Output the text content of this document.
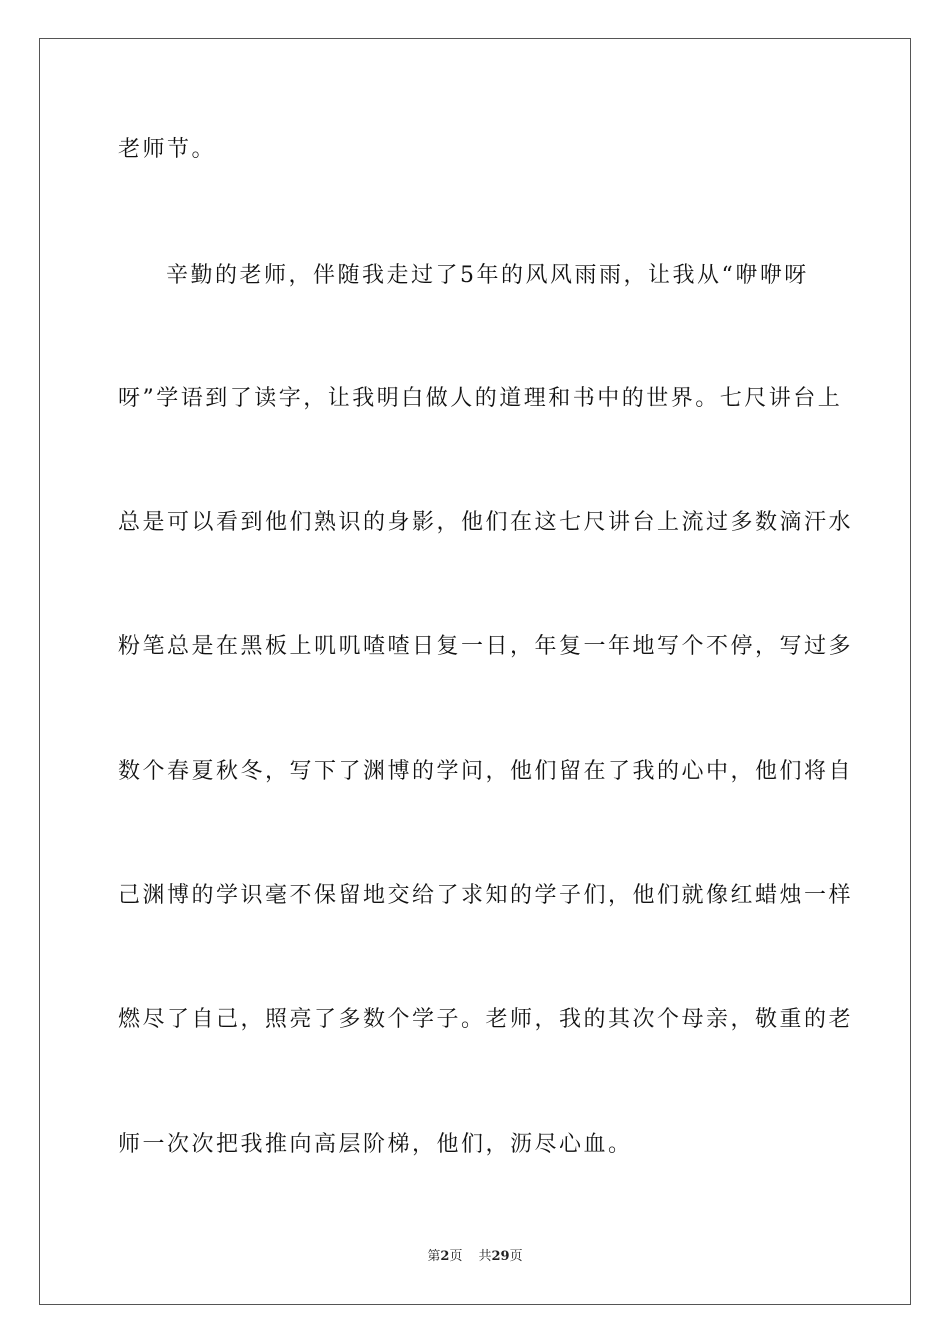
老师节。
辛勤的老师，伴随我走过了5年的风风雨雨，让我从“咿咿呀
呀”学语到了读字，让我明白做人的道理和书中的世界。七尺讲台上
总是可以看到他们熟识的身影，他们在这七尺讲台上流过多数滴汗水
粉笔总是在黑板上叽叽喳喳日复一日，年复一年地写个不停，写过多
数个春夏秋冬，写下了渊博的学问，他们留在了我的心中，他们将自
己渊博的学识毫不保留地交给了求知的学子们，他们就像红蜡烛一样
燃尽了自己，照亮了多数个学子。老师，我的其次个母亲，敬重的老
师一次次把我推向高层阶梯，他们，沥尽心血。
第2页 共29页
